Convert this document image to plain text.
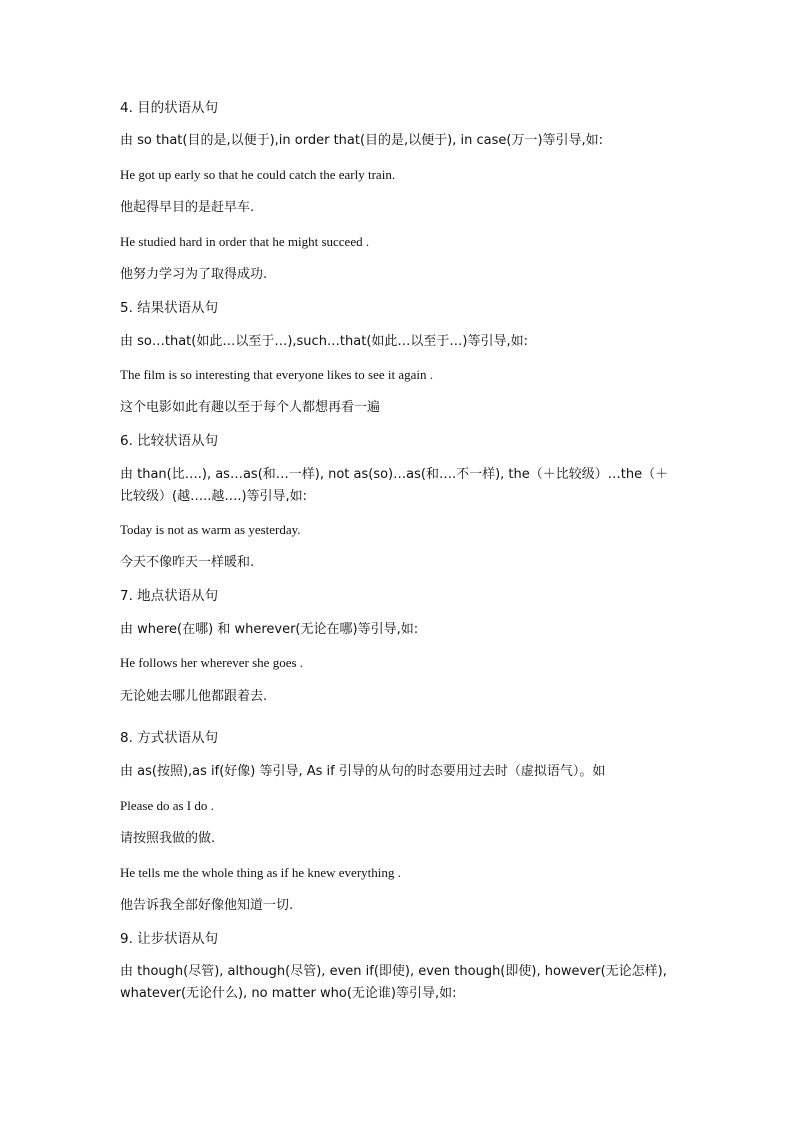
4. 目的状语从句
由 so that(目的是,以便于),in order that(目的是,以便于), in case(万一)等引导,如:
He got up early so that he could catch the early train.
他起得早目的是赶早车.
He studied hard in order that he might succeed .
他努力学习为了取得成功.
5. 结果状语从句
由 so…that(如此…以至于…),such…that(如此…以至于…)等引导,如:
The film is so interesting that everyone likes to see it again .
这个电影如此有趣以至于每个人都想再看一遍
6. 比较状语从句
由 than(比….), as…as(和…一样), not as(so)…as(和….不一样), the（＋比较级）…the（＋比较级）(越…..越….)等引导,如:
Today is not as warm as yesterday.
今天不像昨天一样暖和.
7. 地点状语从句
由 where(在哪) 和 wherever(无论在哪)等引导,如:
He follows her wherever she goes .
无论她去哪儿他都跟着去.
8. 方式状语从句
由 as(按照),as if(好像) 等引导, As if 引导的从句的时态要用过去时（虚拟语气）。如
Please do as I do .
请按照我做的做.
He tells me the whole thing as if he knew everything .
他告诉我全部好像他知道一切.
9. 让步状语从句
由 though(尽管), although(尽管), even if(即使), even though(即使), however(无论怎样), whatever(无论什么), no matter who(无论谁)等引导,如:
